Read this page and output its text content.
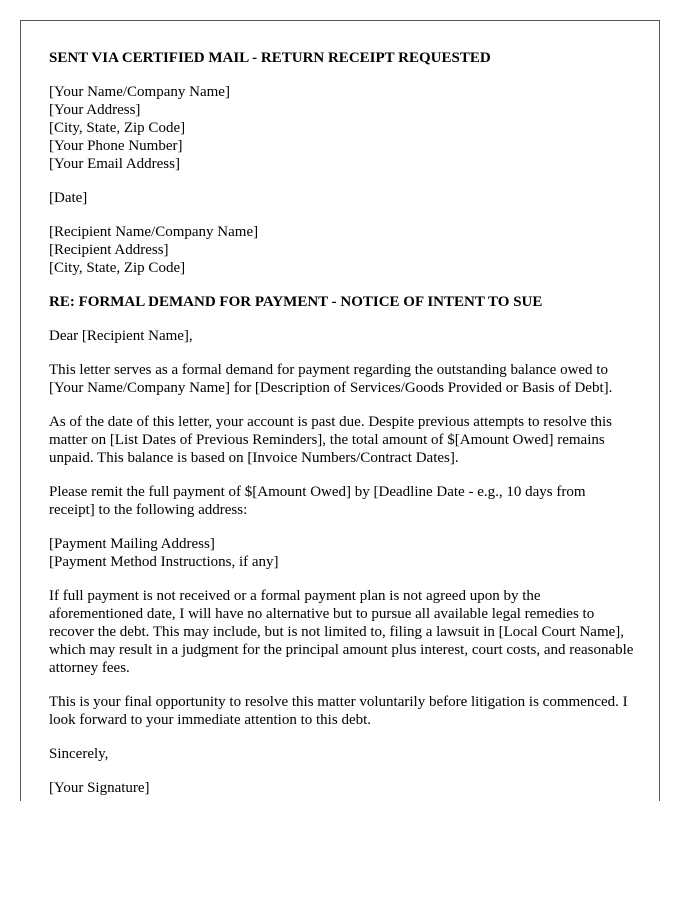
SENT VIA CERTIFIED MAIL - RETURN RECEIPT REQUESTED
[Your Name/Company Name]
[Your Address]
[City, State, Zip Code]
[Your Phone Number]
[Your Email Address]
[Date]
[Recipient Name/Company Name]
[Recipient Address]
[City, State, Zip Code]
RE: FORMAL DEMAND FOR PAYMENT - NOTICE OF INTENT TO SUE
Dear [Recipient Name],

This letter serves as a formal demand for payment regarding the outstanding balance owed to [Your Name/Company Name] for [Description of Services/Goods Provided or Basis of Debt].

As of the date of this letter, your account is past due. Despite previous attempts to resolve this matter on [List Dates of Previous Reminders], the total amount of $[Amount Owed] remains unpaid. This balance is based on [Invoice Numbers/Contract Dates].

Please remit the full payment of $[Amount Owed] by [Deadline Date - e.g., 10 days from receipt] to the following address:

[Payment Mailing Address]
[Payment Method Instructions, if any]

If full payment is not received or a formal payment plan is not agreed upon by the aforementioned date, I will have no alternative but to pursue all available legal remedies to recover the debt. This may include, but is not limited to, filing a lawsuit in [Local Court Name], which may result in a judgment for the principal amount plus interest, court costs, and reasonable attorney fees.

This is your final opportunity to resolve this matter voluntarily before litigation is commenced. I look forward to your immediate attention to this debt.

Sincerely,
[Your Signature]
